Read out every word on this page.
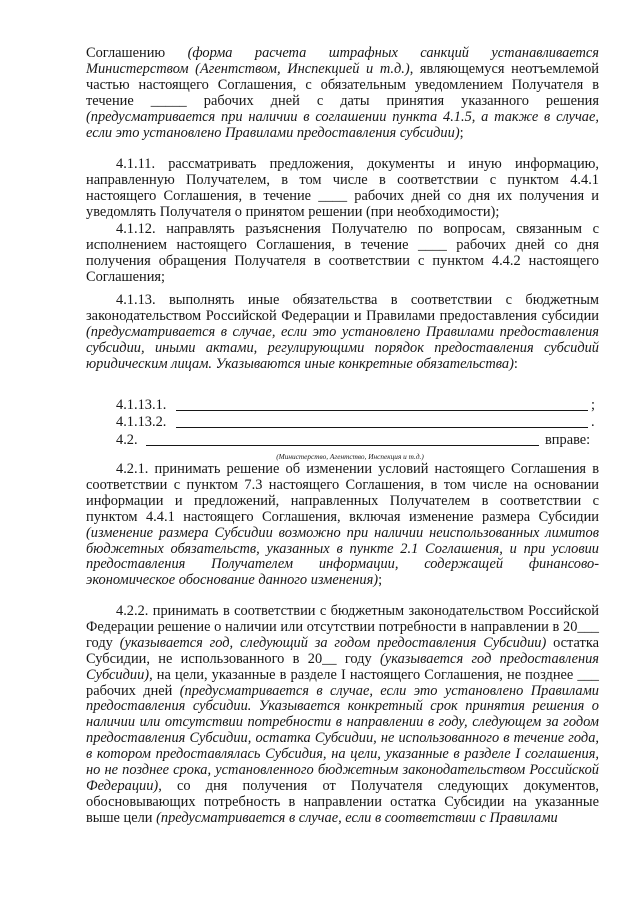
Соглашению (форма расчета штрафных санкций устанавливается Министерством (Агентством, Инспекцией и т.д.), являющемуся неотъемлемой частью настоящего Соглашения, с обязательным уведомлением Получателя в течение _____ рабочих дней с даты принятия указанного решения (предусматривается при наличии в соглашении пункта 4.1.5, а также в случае, если это установлено Правилами предоставления субсидии);

4.1.11. рассматривать предложения, документы и иную информацию, направленную Получателем, в том числе в соответствии с пунктом 4.4.1 настоящего Соглашения, в течение ____ рабочих дней со дня их получения и уведомлять Получателя о принятом решении (при необходимости);

4.1.12. направлять разъяснения Получателю по вопросам, связанным с исполнением настоящего Соглашения, в течение ____ рабочих дней со дня получения обращения Получателя в соответствии с пунктом 4.4.2 настоящего Соглашения;

4.1.13. выполнять иные обязательства в соответствии с бюджетным законодательством Российской Федерации и Правилами предоставления субсидии (предусматривается в случае, если это установлено Правилами предоставления субсидии, иными актами, регулирующими порядок предоставления субсидий юридическим лицам. Указываются иные конкретные обязательства):

4.1.13.1.	;
4.1.13.2.	.
4.2.	вправе:
(Министерство, Агентство, Инспекция и т.д.)

4.2.1. принимать решение об изменении условий настоящего Соглашения в соответствии с пунктом 7.3 настоящего Соглашения, в том числе на основании информации и предложений, направленных Получателем в соответствии с пунктом 4.4.1 настоящего Соглашения, включая изменение размера Субсидии (изменение размера Субсидии возможно при наличии неиспользованных лимитов бюджетных обязательств, указанных в пункте 2.1 Соглашения, и при условии предоставления Получателем информации, содержащей финансово-экономическое обоснование данного изменения);

4.2.2. принимать в соответствии с бюджетным законодательством Российской Федерации решение о наличии или отсутствии потребности в направлении в 20___ году (указывается год, следующий за годом предоставления Субсидии) остатка Субсидии, не использованного в 20__ году (указывается год предоставления Субсидии), на цели, указанные в разделе I настоящего Соглашения, не позднее ___ рабочих дней (предусматривается в случае, если это установлено Правилами предоставления субсидии. Указывается конкретный срок принятия решения о наличии или отсутствии потребности в направлении в году, следующем за годом предоставления Субсидии, остатка Субсидии, не использованного в течение года, в котором предоставлялась Субсидия, на цели, указанные в разделе I соглашения, но не позднее срока, установленного бюджетным законодательством Российской Федерации), со дня получения от Получателя следующих документов, обосновывающих потребность в направлении остатка Субсидии на указанные выше цели (предусматривается в случае, если в соответствии с Правилами
